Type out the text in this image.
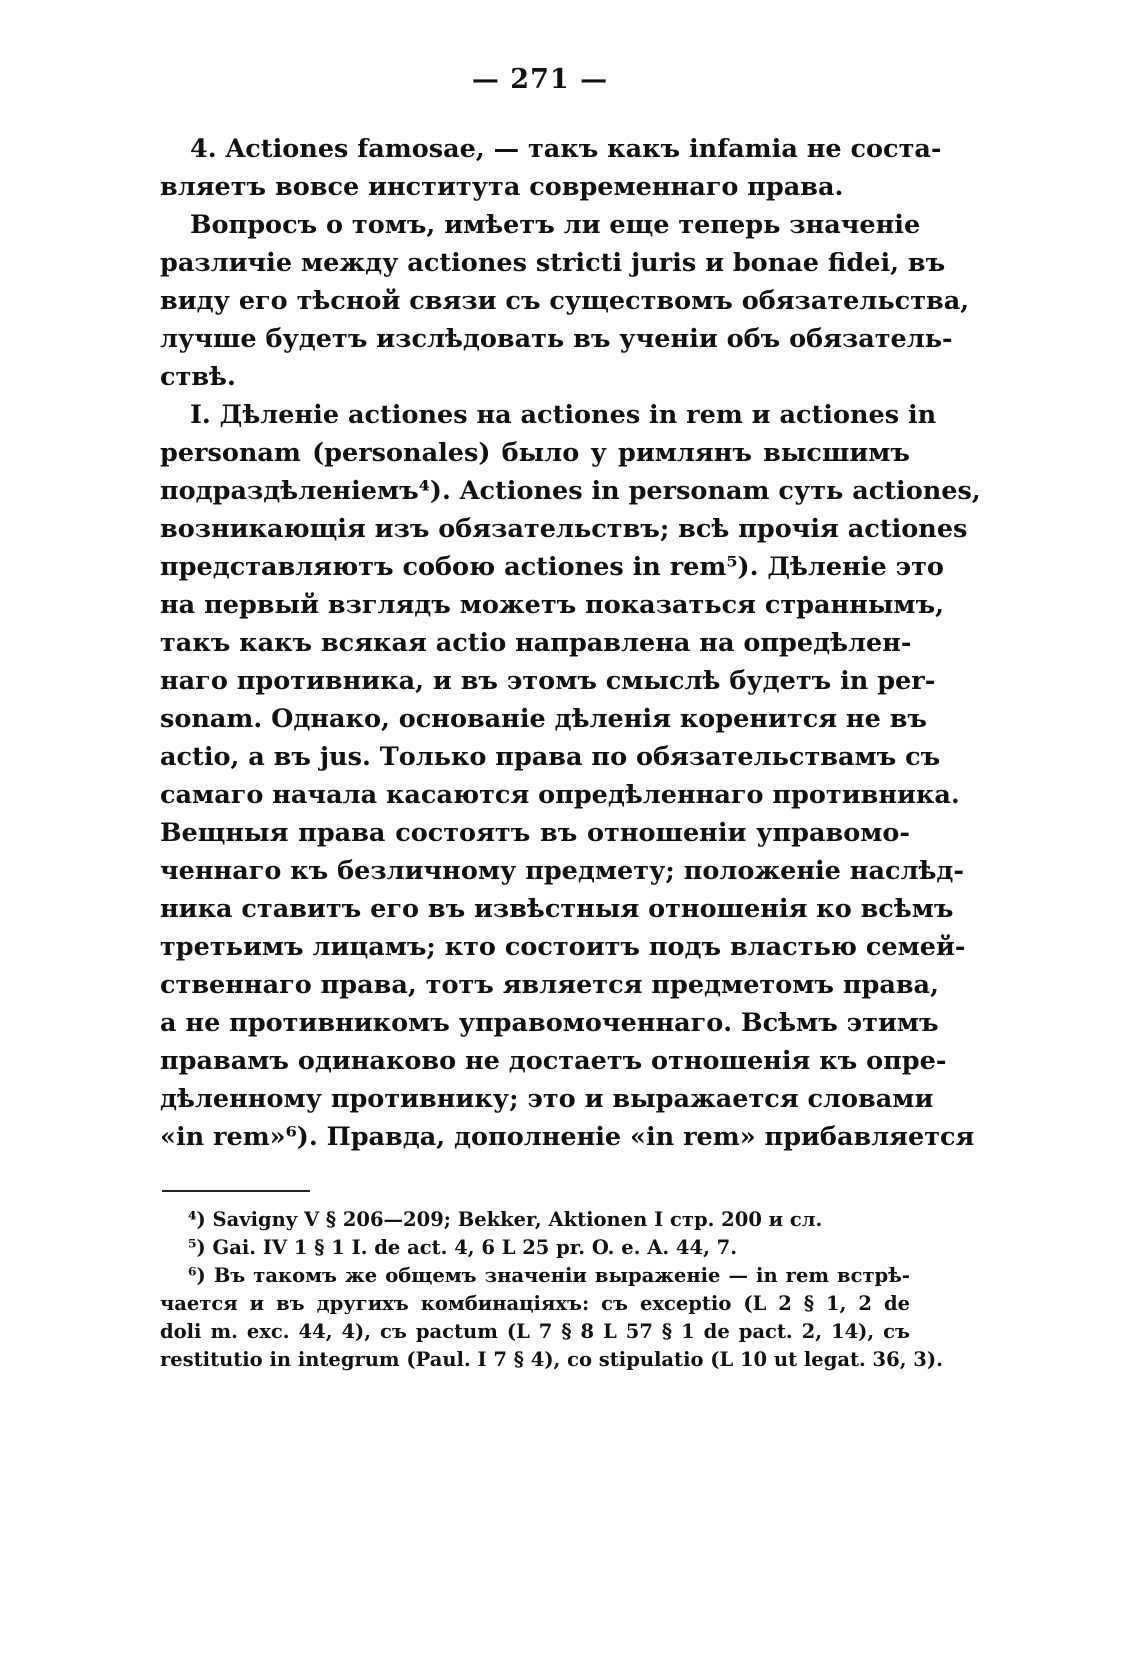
— 271 —
4. Actiones famosae, — такъ какъ infamia не соста-
вляетъ вовсе института современнаго права.
Вопросъ о томъ, имѣетъ ли еще теперь значеніе
различіе между actiones stricti juris и bonae fidei, въ
виду его тѣсной связи съ существомъ обязательства,
лучше будетъ изслѣдовать въ ученіи объ обязатель-
ствѣ.
I. Дѣленіе actiones на actiones in rem и actiones in
personam (personales) было у римлянъ высшимъ
подраздѣленіемъ⁴). Actiones in personam суть actiones,
возникающія изъ обязательствъ; всѣ прочія actiones
представляютъ собою actiones in rem⁵). Дѣленіе это
на первый взглядъ можетъ показаться страннымъ,
такъ какъ всякая actio направлена на опредѣлен-
наго противника, и въ этомъ смыслѣ будетъ in per-
sonam. Однако, основаніе дѣленія коренится не въ
actio, а въ jus. Только права по обязательствамъ съ
самаго начала касаются опредѣленнаго противника.
Вещныя права состоятъ въ отношеніи управомо-
ченнаго къ безличному предмету; положеніе наслѣд-
ника ставитъ его въ извѣстныя отношенія ко всѣмъ
третьимъ лицамъ; кто состоитъ подъ властью семей-
ственнаго права, тотъ является предметомъ права,
а не противникомъ управомоченнаго. Всѣмъ этимъ
правамъ одинаково не достаетъ отношенія къ опре-
дѣленному противнику; это и выражается словами
«in rem»⁶). Правда, дополненіе «in rem» прибавляется
⁴) Savigny V § 206—209; Bekker, Aktionen I стр. 200 и сл.
⁵) Gai. IV 1 § 1 I. de act. 4, 6 L 25 pr. O. e. A. 44, 7.
⁶) Въ такомъ же общемъ значеніи выраженіе — in rem встрѣ-
чается и въ другихъ комбинаціяхъ: съ exceptio (L 2 § 1, 2 de
doli m. exc. 44, 4), съ pactum (L 7 § 8 L 57 § 1 de pact. 2, 14), съ
restitutio in integrum (Paul. I 7 § 4), со stipulatio (L 10 ut legat. 36, 3).
